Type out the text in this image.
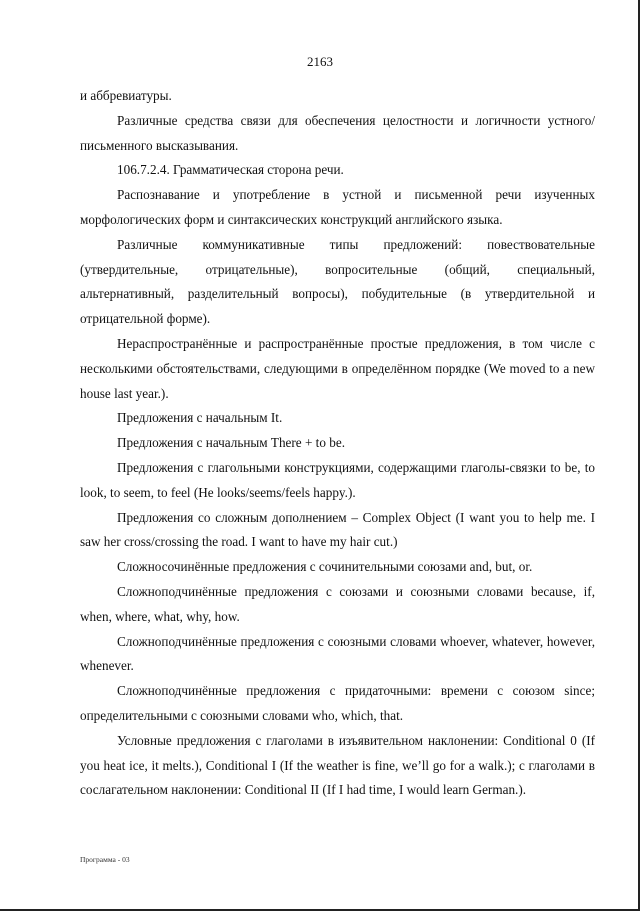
2163

и аббревиатуры.

Различные средства связи для обеспечения целостности и логичности устного/письменного высказывания.

106.7.2.4. Грамматическая сторона речи.

Распознавание и употребление в устной и письменной речи изученных морфологических форм и синтаксических конструкций английского языка.

Различные коммуникативные типы предложений: повествовательные (утвердительные, отрицательные), вопросительные (общий, специальный, альтернативный, разделительный вопросы), побудительные (в утвердительной и отрицательной форме).

Нераспространённые и распространённые простые предложения, в том числе с несколькими обстоятельствами, следующими в определённом порядке (We moved to a new house last year.).

Предложения с начальным It.

Предложения с начальным There + to be.

Предложения с глагольными конструкциями, содержащими глаголы-связки to be, to look, to seem, to feel (He looks/seems/feels happy.).

Предложения со сложным дополнением – Complex Object (I want you to help me. I saw her cross/crossing the road. I want to have my hair cut.)

Сложносочинённые предложения с сочинительными союзами and, but, or.

Сложноподчинённые предложения с союзами и союзными словами because, if, when, where, what, why, how.

Сложноподчинённые предложения с союзными словами whoever, whatever, however, whenever.

Сложноподчинённые предложения с придаточными: времени с союзом since; определительными с союзными словами who, which, that.

Условные предложения с глаголами в изъявительном наклонении: Conditional 0 (If you heat ice, it melts.), Conditional I (If the weather is fine, we’ll go for a walk.); с глаголами в сослагательном наклонении: Conditional II (If I had time, I would learn German.).

Программа - 03
